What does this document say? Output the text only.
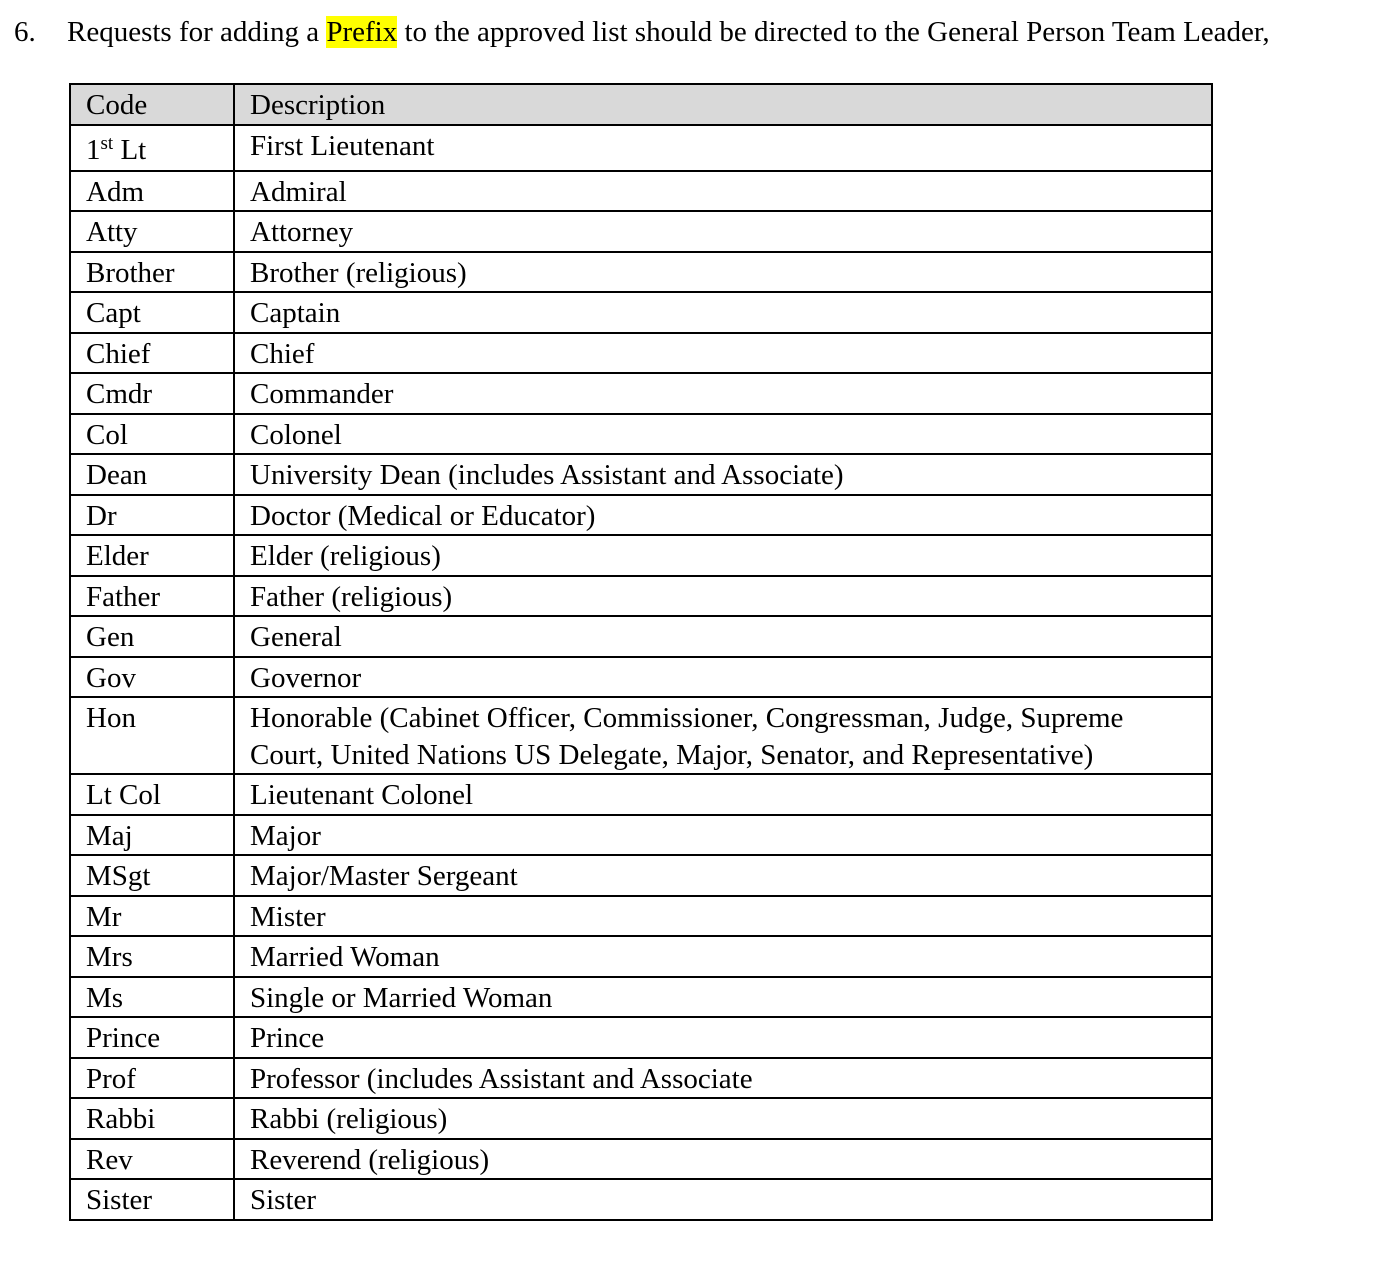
6. Requests for adding a Prefix to the approved list should be directed to the General Person Team Leader,

Code	Description
1st Lt	First Lieutenant
Adm	Admiral
Atty	Attorney
Brother	Brother (religious)
Capt	Captain
Chief	Chief
Cmdr	Commander
Col	Colonel
Dean	University Dean (includes Assistant and Associate)
Dr	Doctor (Medical or Educator)
Elder	Elder (religious)
Father	Father (religious)
Gen	General
Gov	Governor
Hon	Honorable (Cabinet Officer, Commissioner, Congressman, Judge, Supreme Court, United Nations US Delegate, Major, Senator, and Representative)
Lt Col	Lieutenant Colonel
Maj	Major
MSgt	Major/Master Sergeant
Mr	Mister
Mrs	Married Woman
Ms	Single or Married Woman
Prince	Prince
Prof	Professor (includes Assistant and Associate
Rabbi	Rabbi (religious)
Rev	Reverend (religious)
Sister	Sister
